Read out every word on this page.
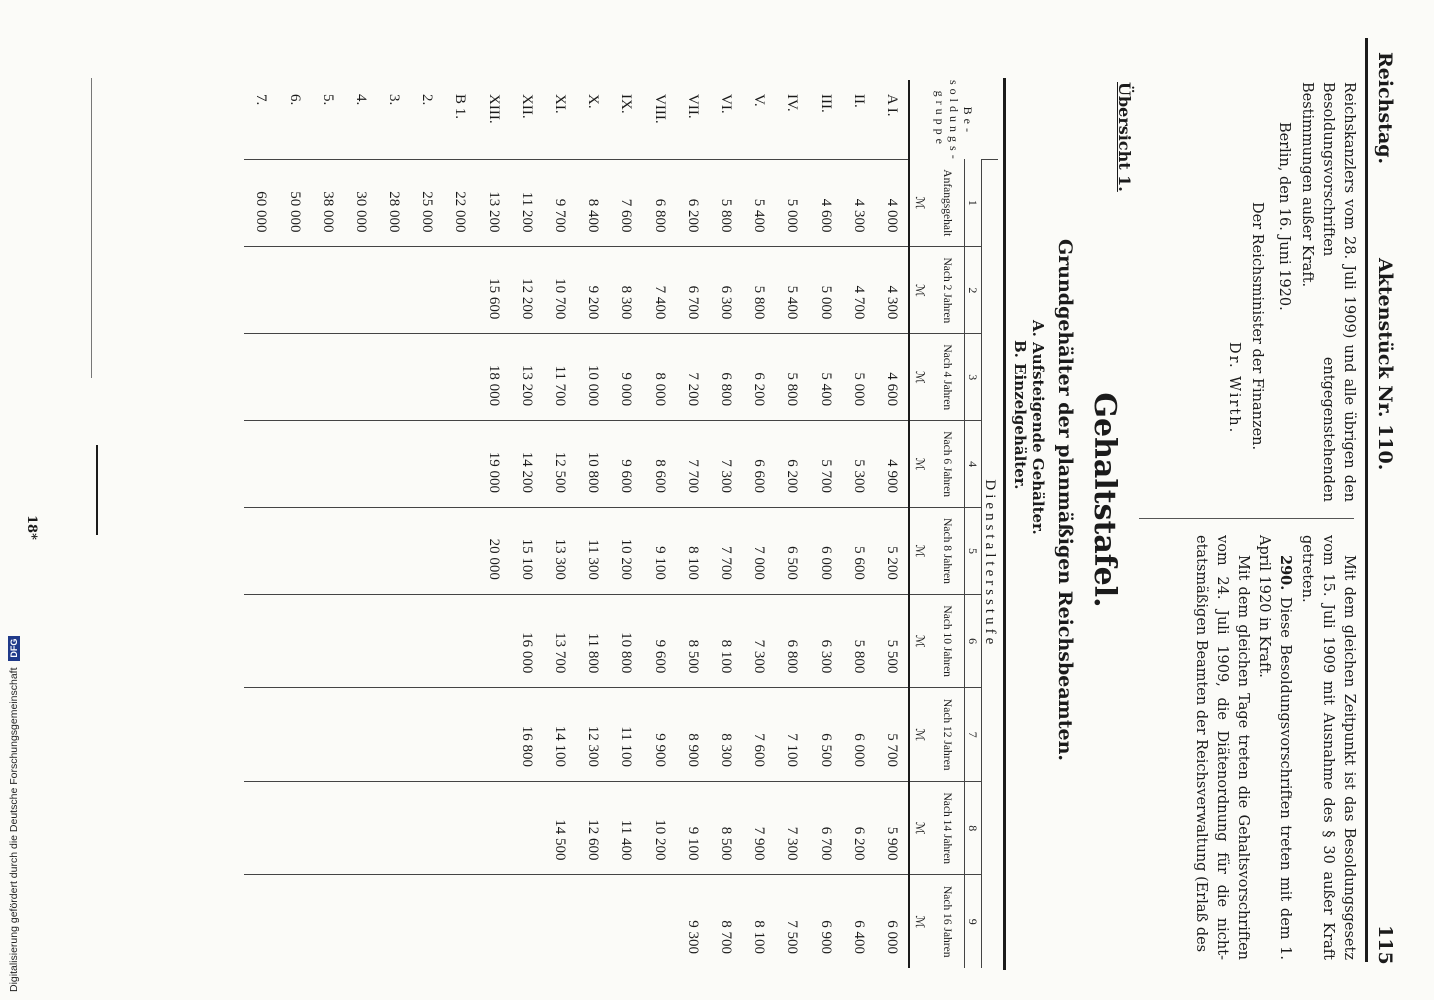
Reichstag.
Aktenstück Nr. 110.
115
Reichskanzlers vom 28. Juli 1909) und alle übrigen den Besoldungsvorschriften entgegenstehenden Bestimmungen außer Kraft.
Berlin, den 16. Juni 1920.
Der Reichsminister der Finanzen.
Dr. Wirth.
Mit dem gleichen Zeitpunkt ist das Besoldungsgesetz vom 15. Juli 1909 mit Ausnahme des § 30 außer Kraft getreten.
290. Diese Besoldungsvorschriften treten mit dem 1. April 1920 in Kraft.
Mit dem gleichen Tage treten die Gehaltsvorschriften vom 24. Juli 1909, die Diätenordnung für die nichtetatsmäßigen Beamten der Reichsverwaltung (Erlaß des
Übersicht 1.
Gehaltstafel.
Grundgehälter der planmäßigen Reichsbeamten.
A. Aufsteigende Gehälter.
B. Einzelgehälter.
Besoldungsgruppe	Dienstaltersstufe								
	1	2	3	4	5	6	7	8	9
	Anfangsgehalt	Nach 2 Jahren	Nach 4 Jahren	Nach 6 Jahren	Nach 8 Jahren	Nach 10 Jahren	Nach 12 Jahren	Nach 14 Jahren	Nach 16 Jahren
	ℳ	ℳ	ℳ	ℳ	ℳ	ℳ	ℳ	ℳ	ℳ
A I.	4 000	4 300	4 600	4 900	5 200	5 500	5 700	5 900	6 000
II.	4 300	4 700	5 000	5 300	5 600	5 800	6 000	6 200	6 400
III.	4 600	5 000	5 400	5 700	6 000	6 300	6 500	6 700	6 900
IV.	5 000	5 400	5 800	6 200	6 500	6 800	7 100	7 300	7 500
V.	5 400	5 800	6 200	6 600	7 000	7 300	7 600	7 900	8 100
VI.	5 800	6 300	6 800	7 300	7 700	8 100	8 300	8 500	8 700
VII.	6 200	6 700	7 200	7 700	8 100	8 500	8 900	9 100	9 300
VIII.	6 800	7 400	8 000	8 600	9 100	9 600	9 900	10 200	
IX.	7 600	8 300	9 000	9 600	10 200	10 800	11 100	11 400	
X.	8 400	9 200	10 000	10 800	11 300	11 800	12 300	12 600	
XI.	9 700	10 700	11 700	12 500	13 300	13 700	14 100	14 500	
XII.	11 200	12 200	13 200	14 200	15 100	16 000	16 800		
XIII.	13 200	15 600	18 000	19 000	20 000				
B 1.	22 000								
2.	25 000								
3.	28 000								
4.	30 000								
5.	38 000								
6.	50 000								
7.	60 000								
18*
Digitalisierung gefördert durch die Deutsche Forschungsgemeinschaft DFG
